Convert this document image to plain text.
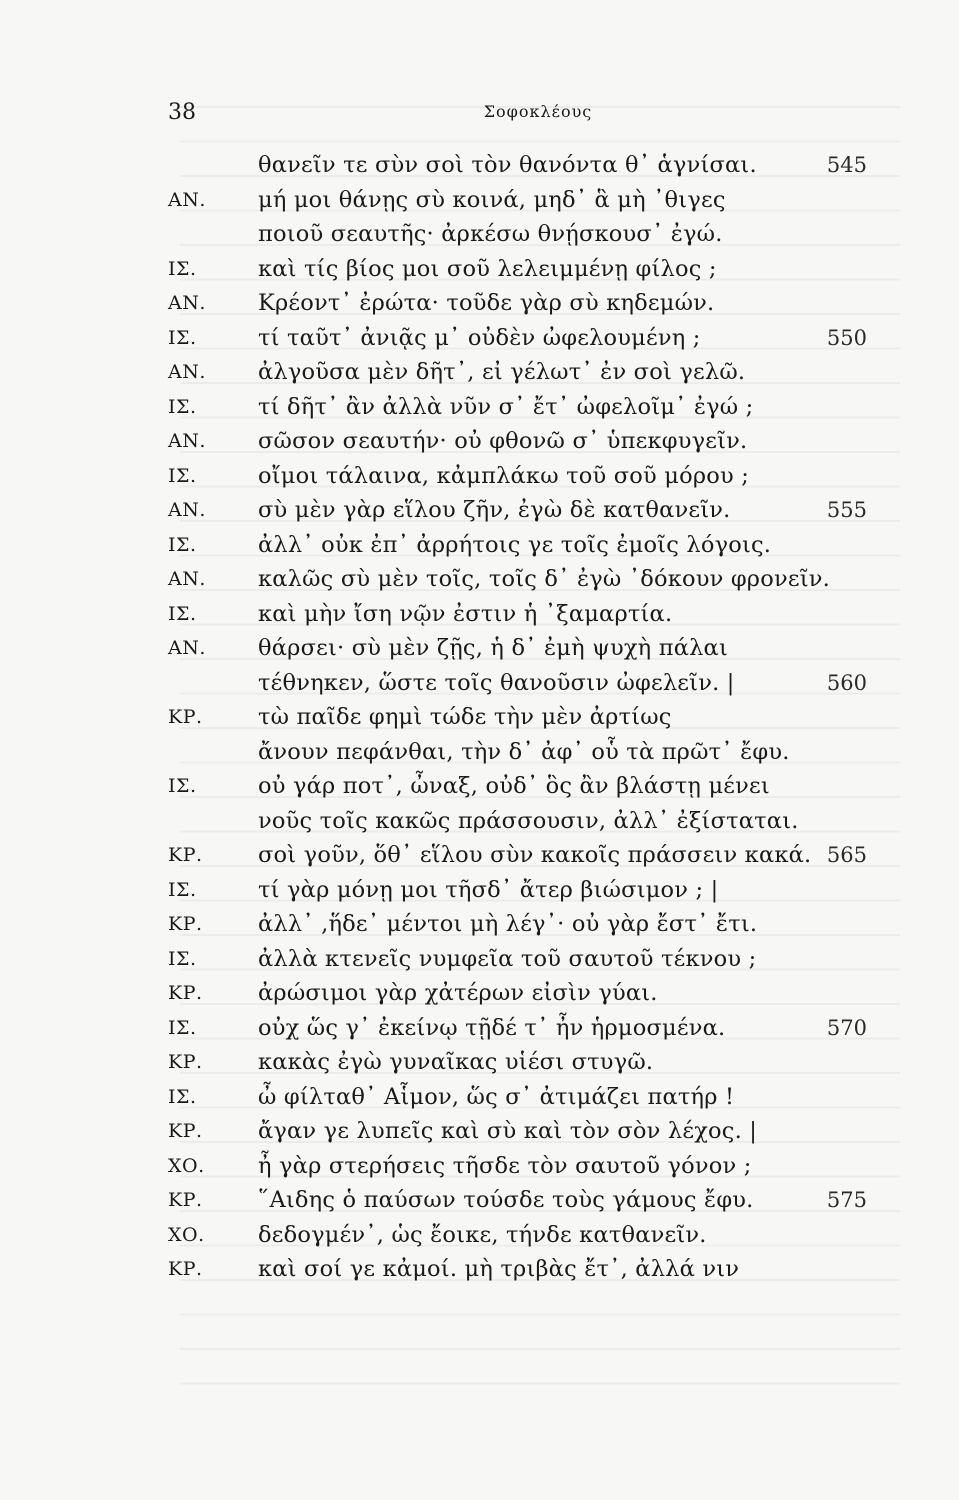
38	Σοφοκλέους
θανεῖν τε σὺν σοὶ τὸν θανόντα θ᾽ ἁγνίσαι.	545
ΑΝ. μή μοι θάνῃς σὺ κοινά, μηδ᾽ ἃ μὴ ᾽θιγες
ποιοῦ σεαυτῆς· ἀρκέσω θνῄσκουσ᾽ ἐγώ.
ΙΣ.	καὶ τίς βίος μοι σοῦ λελειμμένῃ φίλος ;
ΑΝ. Κρέοντ᾽ ἐρώτα· τοῦδε γὰρ σὺ κηδεμών.
ΙΣ.	τί ταῦτ᾽ ἀνιᾷς μ᾽ οὐδὲν ὠφελουμένη ;	550
ΑΝ. ἀλγοῦσα μὲν δῆτ᾽, εἰ γέλωτ᾽ ἐν σοὶ γελῶ.
ΙΣ.	τί δῆτ᾽ ἂν ἀλλὰ νῦν σ᾽ ἔτ᾽ ὠφελοῖμ᾽ ἐγώ ;
ΑΝ. σῶσον σεαυτήν· οὐ φθονῶ σ᾽ ὑπεκφυγεῖν.
ΙΣ.	οἴμοι τάλαινα, κἀμπλάκω τοῦ σοῦ μόρου ;
ΑΝ. σὺ μὲν γὰρ εἵλου ζῆν, ἐγὼ δὲ κατθανεῖν.	555
ΙΣ.	ἀλλ᾽ οὐκ ἐπ᾽ ἀρρήτοις γε τοῖς ἐμοῖς λόγοις.
ΑΝ. καλῶς σὺ μὲν τοῖς, τοῖς δ᾽ ἐγὼ ᾽δόκουν φρονεῖν.
ΙΣ.	καὶ μὴν ἴση νῷν ἐστιν ἡ ᾽ξαμαρτία.
ΑΝ. θάρσει· σὺ μὲν ζῇς, ἡ δ᾽ ἐμὴ ψυχὴ πάλαι
τέθνηκεν, ὥστε τοῖς θανοῦσιν ὠφελεῖν. |	560
ΚΡ. τὼ παῖδε φημὶ τώδε τὴν μὲν ἀρτίως
ἄνουν πεφάνθαι, τὴν δ᾽ ἀφ᾽ οὗ τὰ πρῶτ᾽ ἔφυ.
ΙΣ.	οὐ γάρ ποτ᾽, ὦναξ, οὐδ᾽ ὃς ἂν βλάστῃ μένει
νοῦς τοῖς κακῶς πράσσουσιν, ἀλλ᾽ ἐξίσταται.
ΚΡ. σοὶ γοῦν, ὅθ᾽ εἵλου σὺν κακοῖς πράσσειν κακά. 565
ΙΣ.	τί γὰρ μόνῃ μοι τῆσδ᾽ ἄτερ βιώσιμον ; |
ΚΡ. ἀλλ᾽ ,ἥδε᾽ μέντοι μὴ λέγ᾽· οὐ γὰρ ἔστ᾽ ἔτι.
ΙΣ.	ἀλλὰ κτενεῖς νυμφεῖα τοῦ σαυτοῦ τέκνου ;
ΚΡ. ἀρώσιμοι γὰρ χἀτέρων εἰσὶν γύαι.
ΙΣ.	οὐχ ὥς γ᾽ ἐκείνῳ τῇδέ τ᾽ ἦν ἡρμοσμένα.	570
ΚΡ. κακὰς ἐγὼ γυναῖκας υἱέσι στυγῶ.
ΙΣ.	ὦ φίλταθ᾽ Αἷμον, ὥς σ᾽ ἀτιμάζει πατήρ !
ΚΡ. ἄγαν γε λυπεῖς καὶ σὺ καὶ τὸν σὸν λέχος. |
ΧΟ. ἦ γὰρ στερήσεις τῆσδε τὸν σαυτοῦ γόνον ;
ΚΡ. ῞Αιδης ὁ παύσων τούσδε τοὺς γάμους ἔφυ.	575
ΧΟ. δεδογμέν᾽, ὡς ἔοικε, τήνδε κατθανεῖν.
ΚΡ. καὶ σοί γε κἀμοί. μὴ τριβὰς ἔτ᾽, ἀλλά νιν
